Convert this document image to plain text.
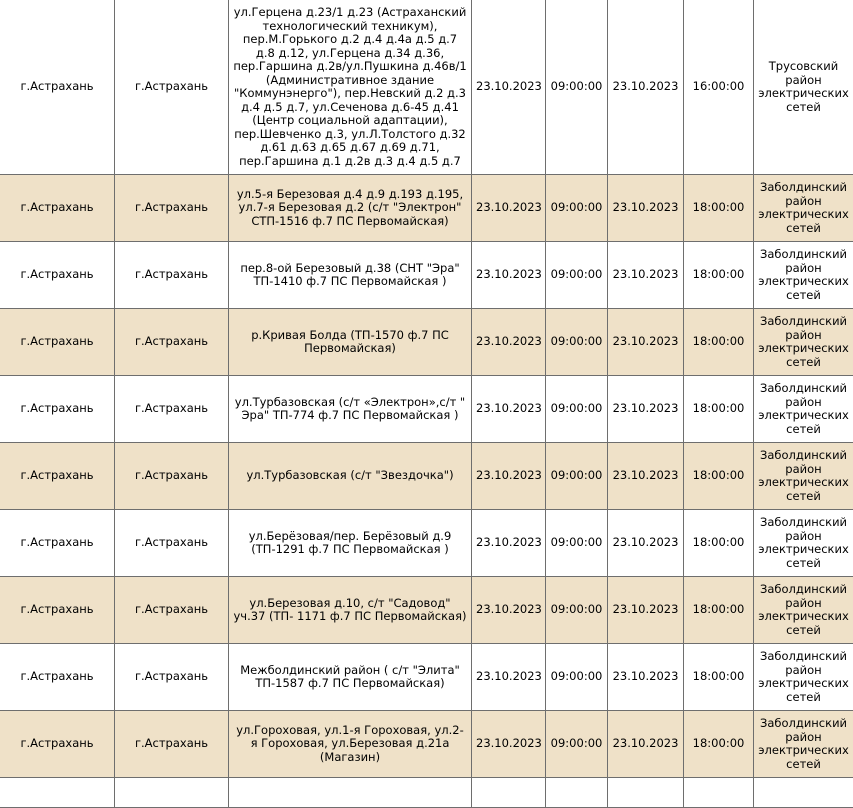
г.Астрахань	г.Астрахань	ул.Герцена д.23/1 д.23 (Астраханский технологический техникум), пер.М.Горького д.2 д.4 д.4а д.5 д.7 д.8 д.12, ул.Герцена д.34 д.36, пер.Гаршина д.2в/ул.Пушкина д.46в/1 (Административное здание "Коммунэнерго"), пер.Невский д.2 д.3 д.4 д.5 д.7, ул.Сеченова д.6-45 д.41 (Центр социальной адаптации), пер.Шевченко д.3, ул.Л.Толстого д.32 д.61 д.63 д.65 д.67 д.69 д.71, пер.Гаршина д.1 д.2в д.3 д.4 д.5 д.7	23.10.2023	09:00:00	23.10.2023	16:00:00	Трусовский район электрических сетей
г.Астрахань	г.Астрахань	ул.5-я Березовая д.4 д.9 д.193 д.195, ул.7-я Березовая д.2 (с/т "Электрон" СТП-1516 ф.7 ПС Первомайская)	23.10.2023	09:00:00	23.10.2023	18:00:00	Заболдинский район электрических сетей
г.Астрахань	г.Астрахань	пер.8-ой Березовый д.38 (СНТ "Эра" ТП-1410 ф.7 ПС Первомайская )	23.10.2023	09:00:00	23.10.2023	18:00:00	Заболдинский район электрических сетей
г.Астрахань	г.Астрахань	р.Кривая Болда (ТП-1570 ф.7 ПС Первомайская)	23.10.2023	09:00:00	23.10.2023	18:00:00	Заболдинский район электрических сетей
г.Астрахань	г.Астрахань	ул.Турбазовская (с/т «Электрон»,с/т " Эра" ТП-774 ф.7 ПС Первомайская )	23.10.2023	09:00:00	23.10.2023	18:00:00	Заболдинский район электрических сетей
г.Астрахань	г.Астрахань	ул.Турбазовская (с/т "Звездочка")	23.10.2023	09:00:00	23.10.2023	18:00:00	Заболдинский район электрических сетей
г.Астрахань	г.Астрахань	ул.Берёзовая/пер. Берёзовый д.9 (ТП-1291 ф.7 ПС Первомайская )	23.10.2023	09:00:00	23.10.2023	18:00:00	Заболдинский район электрических сетей
г.Астрахань	г.Астрахань	ул.Березовая д.10, с/т "Садовод" уч.37 (ТП- 1171 ф.7 ПС Первомайская)	23.10.2023	09:00:00	23.10.2023	18:00:00	Заболдинский район электрических сетей
г.Астрахань	г.Астрахань	Межболдинский район ( с/т "Элита" ТП-1587 ф.7 ПС Первомайская)	23.10.2023	09:00:00	23.10.2023	18:00:00	Заболдинский район электрических сетей
г.Астрахань	г.Астрахань	ул.Гороховая, ул.1-я Гороховая, ул.2-я Гороховая, ул.Березовая д.21а (Магазин)	23.10.2023	09:00:00	23.10.2023	18:00:00	Заболдинский район электрических сетей
